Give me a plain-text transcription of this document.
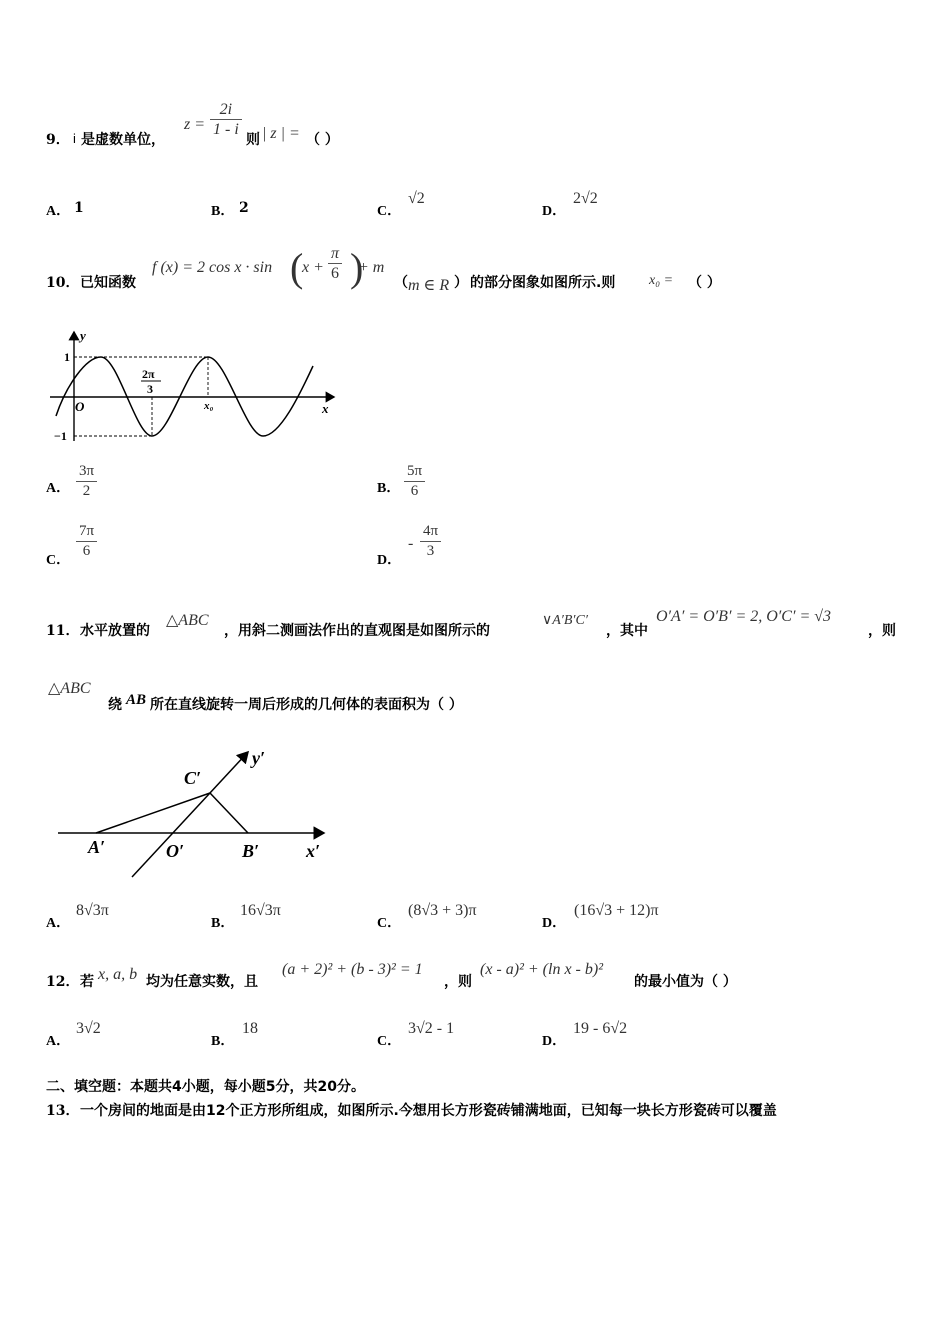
9． i 是虚数单位，
$z = \frac{2i}{1 - i}$
则 | z | = （ ）
A． 1	B． 2	C．
√2
D．
2√2
10． 已知函数
f (x) = 2 cos x · sin (
$x + \frac{\pi}{6}$ )
+ m
（ m ∈ R ） 的部分图象如图所示.则 x₀ = （ ）
y
x
O
1
−1
2π
3
x₀
A． $\frac{3\pi}{2}$	B． $\frac{5\pi}{6}$
C． $\frac{7\pi}{6}$	D．
- $\frac{4\pi}{3}$
11． 水平放置的
△ABC
，用斜二测画法作出的直观图是如图所示的
∨A′B′C′
，其中
O′A′ = O′B′ = 2, O′C′ = √3
，则
△ABC
绕 AB 所在直线旋转一周后形成的几何体的表面积为（ ）
C′
y′
A′	O′	B′	x′
A．
8√3π
B．
16√3π
C．
(8√3 + 3)π
D．
(16√3 + 12)π
12． 若 x, a, b 均为任意实数，且
(a + 2)² + (b - 3)² = 1
，则
(x - a)² + (ln x - b)²
的最小值为（ ）
A．
3√2
B．
18
C．
3√2 - 1
D．
19 - 6√2
二、填空题：本题共4小题，每小题5分，共20分。
13． 一个房间的地面是由12个正方形所组成，如图所示.今想用长方形瓷砖铺满地面，已知每一块长方形瓷砖可以覆盖
